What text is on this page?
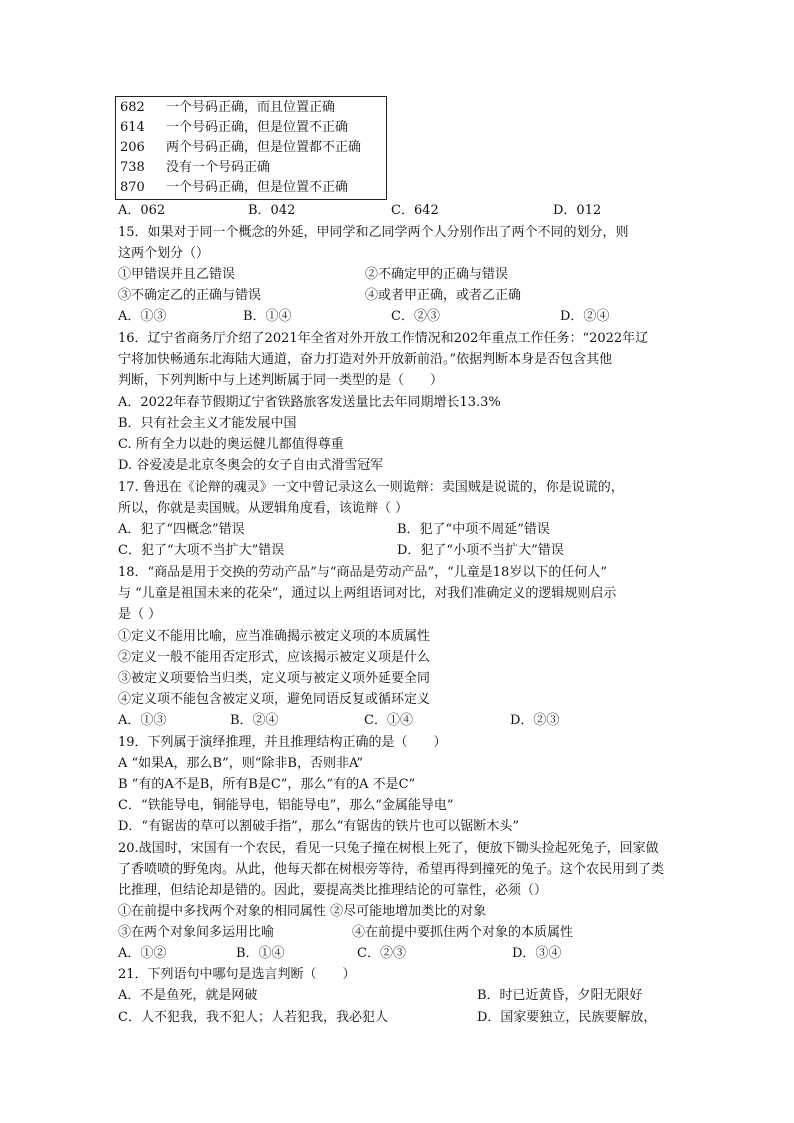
682 一个号码正确，而且位置正确
614 一个号码正确，但是位置不正确
206 两个号码正确，但是位置都不正确
738 没有一个号码正确
870 一个号码正确，但是位置不正确
A．062	B．042	C．642	D．012
15．如果对于同一个概念的外延，甲同学和乙同学两个人分别作出了两个不同的划分，则
这两个划分（）
①甲错误并且乙错误	②不确定甲的正确与错误
③不确定乙的正确与错误	④或者甲正确，或者乙正确
A．①③	B．①④	C．②③	D．②④
16．辽宁省商务厅介绍了2021年全省对外开放工作情况和202年重点工作任务：“2022年辽
宁将加快畅通东北海陆大通道，奋力打造对外开放新前沿。”依据判断本身是否包含其他
判断，下列判断中与上述判断属于同一类型的是（　　）
A．2022年春节假期辽宁省铁路旅客发送量比去年同期增长13.3%
B．只有社会主义才能发展中国
C. 所有全力以赴的奥运健儿都值得尊重
D. 谷爱凌是北京冬奥会的女子自由式滑雪冠军
17. 鲁迅在《论辩的魂灵》一文中曾记录这么一则诡辩：卖国贼是说谎的，你是说谎的，
所以，你就是卖国贼。从逻辑角度看，该诡辩（ ）
A．犯了“四概念”错误	B．犯了“中项不周延”错误
C．犯了“大项不当扩大”错误	D．犯了“小项不当扩大”错误
18．“商品是用于交换的劳动产品”与“商品是劳动产品”，“儿童是18岁以下的任何人”
与 “儿童是祖国未来的花朵”，通过以上两组语词对比，对我们准确定义的逻辑规则启示
是（ ）
①定义不能用比喻，应当准确揭示被定义项的本质属性
②定义一般不能用否定形式，应该揭示被定义项是什么
③被定义项要恰当归类，定义项与被定义项外延要全同
④定义项不能包含被定义项，避免同语反复或循环定义
A．①③	B．②④	C．①④	D．②③
19．下列属于演绎推理，并且推理结构正确的是（　　）
A “如果A，那么B”，则“除非B，否则非A”
B “有的A不是B，所有B是C”，那么“有的A 不是C”
C．“铁能导电，铜能导电，铝能导电”，那么“金属能导电”
D．“有锯齿的草可以割破手指”，那么“有锯齿的铁片也可以锯断木头”
20.战国时，宋国有一个农民，看见一只兔子撞在树根上死了，便放下锄头捡起死兔子，回家做
了香喷喷的野兔肉。从此，他每天都在树根旁等待，希望再得到撞死的兔子。这个农民用到了类
比推理，但结论却是错的。因此，要提高类比推理结论的可靠性，必须（）
①在前提中多找两个对象的相同属性 ②尽可能地增加类比的对象
③在两个对象间多运用比喻	④在前提中要抓住两个对象的本质属性
A．①②	B．①④	C．②③	D．③④
21．下列语句中哪句是选言判断（　　）
A．不是鱼死，就是网破	B．时已近黄昏，夕阳无限好
C．人不犯我，我不犯人；人若犯我，我必犯人	D．国家要独立，民族要解放，
